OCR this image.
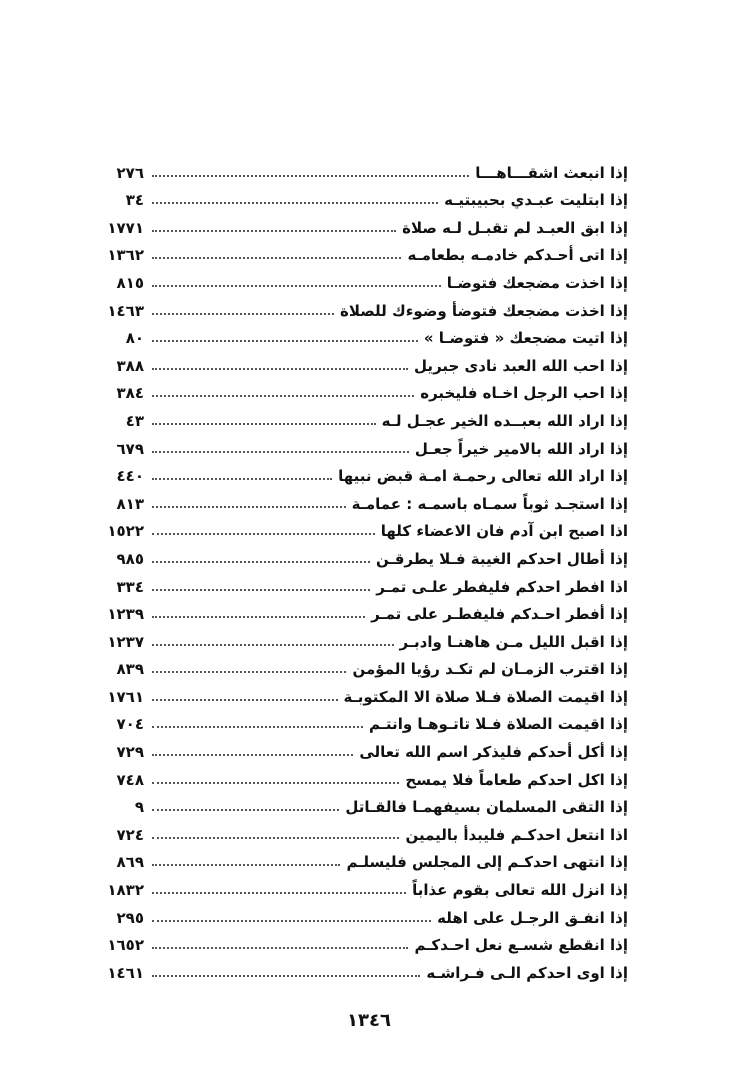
إذا انبعث اشقـــاهـــا
٢٧٦
إذا ابتليت عبـدي بحبيبتيـه
٣٤
إذا ابق العبـد لم تقبـل لـه صلاة
١٧٧١
إذا اتى أحـدكم خادمـه بطعامـه
١٣٦٢
إذا اخذت مضجعك فتوضـا
٨١٥
إذا اخذت مضجعك فتوضأ وضوءك للصلاة
١٤٦٣
إذا اتيت مضجعك « فتوضـا »
٨٠
إذا احب الله العبد نادى جبريل
٣٨٨
إذا احب الرجل اخـاه فليخبره
٣٨٤
إذا اراد الله بعبــده الخير عجـل لـه
٤٣
إذا اراد الله بالامير خيراً جعـل
٦٧٩
إذا اراد الله تعالى رحمـة امـة قبض نبيها
٤٤٠
إذا استجـد ثوباً سمـاه باسمـه : عمامـة
٨١٣
اذا اصبح ابن آدم فان الاعضاء كلها
١٥٢٢
إذا أطال احدكم الغيبة فـلا يطرقـن
٩٨٥
اذا افطر احدكم فليفطر علـى تمـر
٣٣٤
إذا أفطر احـدكم فليفطـر على تمـر
١٢٣٩
إذا اقبل الليل مـن هاهنـا وادبـر
١٢٣٧
إذا اقترب الزمـان لم تكـد رؤيا المؤمن
٨٣٩
إذا اقيمت الصلاة فـلا صلاة الا المكتوبـة
١٧٦١
إذا اقيمت الصلاة فـلا تاتـوهـا وانتـم
٧٠٤
إذا أكل أحدكم فليذكر اسم الله تعالى
٧٢٩
إذا اكل احدكم طعاماً فلا يمسح
٧٤٨
إذا التقى المسلمان بسيفهمـا فالقـاتل
٩
اذا انتعل احدكـم فليبدأ باليمين
٧٢٤
إذا انتهى احدكـم إلى المجلس فليسلـم
٨٦٩
إذا انزل الله تعالى بقوم عذاباً
١٨٣٢
إذا انفـق الرجـل على اهله
٢٩٥
إذا انقطع شسـع نعل احـدكـم
١٦٥٢
إذا اوى احدكم الـى فـراشـه
١٤٦١
١٣٤٦
